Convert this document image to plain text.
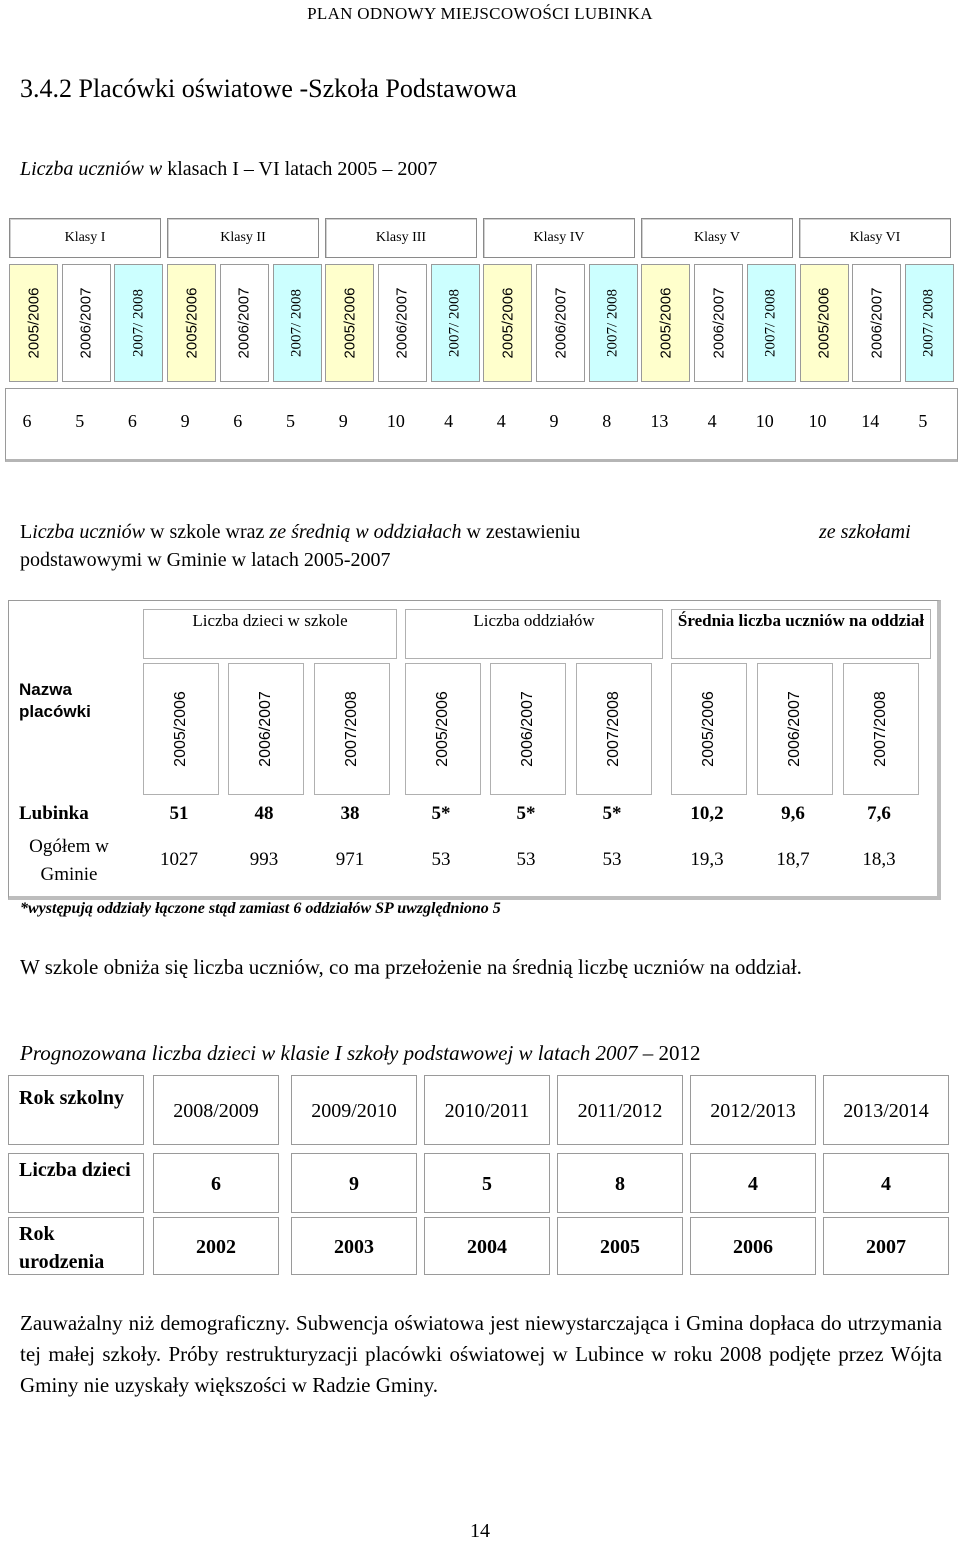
PLAN ODNOWY MIEJSCOWOŚCI LUBINKA
3.4.2 Placówki oświatowe -Szkoła Podstawowa
Liczba uczniów w klasach I – VI latach 2005 – 2007
Klasy I	Klasy II	Klasy III	Klasy IV	Klasy V	Klasy VI
2005/2006 2006/2007 2007/ 2008 2005/2006 2006/2007 2007/ 2008 2005/2006 2006/2007 2007/ 2008 2005/2006 2006/2007 2007/ 2008 2005/2006 2006/2007 2007/ 2008 2005/2006 2006/2007 2007/ 2008
6	5	6	9	6	5	9	10	4	4	9	8	13	4	10	10	14	5
Liczba uczniów w szkole wraz ze średnią w oddziałach w zestawieniu	ze szkołami

podstawowymi w Gminie w latach 2005-2007
Liczba dzieci w szkole	Liczba oddziałów	Średnia liczba uczniów na oddział
Nazwa placówki	2005/2006	2006/2007	2007/2008	2005/2006	2006/2007	2007/2008	2005/2006	2006/2007	2007/2008
Lubinka	51	48	38	5*	5*	5*	10,2	9,6	7,6
Ogółem w Gminie
1027	993	971	53	53	53	19,3	18,7	18,3
*występują oddziały łączone stąd zamiast 6 oddziałów SP uwzględniono 5
W szkole obniża się liczba uczniów, co ma przełożenie na średnią liczbę uczniów na oddział.
Prognozowana liczba dzieci w klasie I szkoły podstawowej w latach 2007 – 2012
Rok szkolny
2008/2009	2009/2010	2010/2011	2011/2012	2012/2013	2013/2014
Liczba dzieci
6	9	5	8	4	4
Rok urodzenia
2002	2003	2004	2005	2006	2007
Zauważalny niż demograficzny. Subwencja oświatowa jest niewystarczająca i Gmina dopłaca do utrzymania tej małej szkoły. Próby restrukturyzacji placówki oświatowej w Lubince w roku 2008 podjęte przez Wójta Gminy nie uzyskały większości w Radzie Gminy.
14
